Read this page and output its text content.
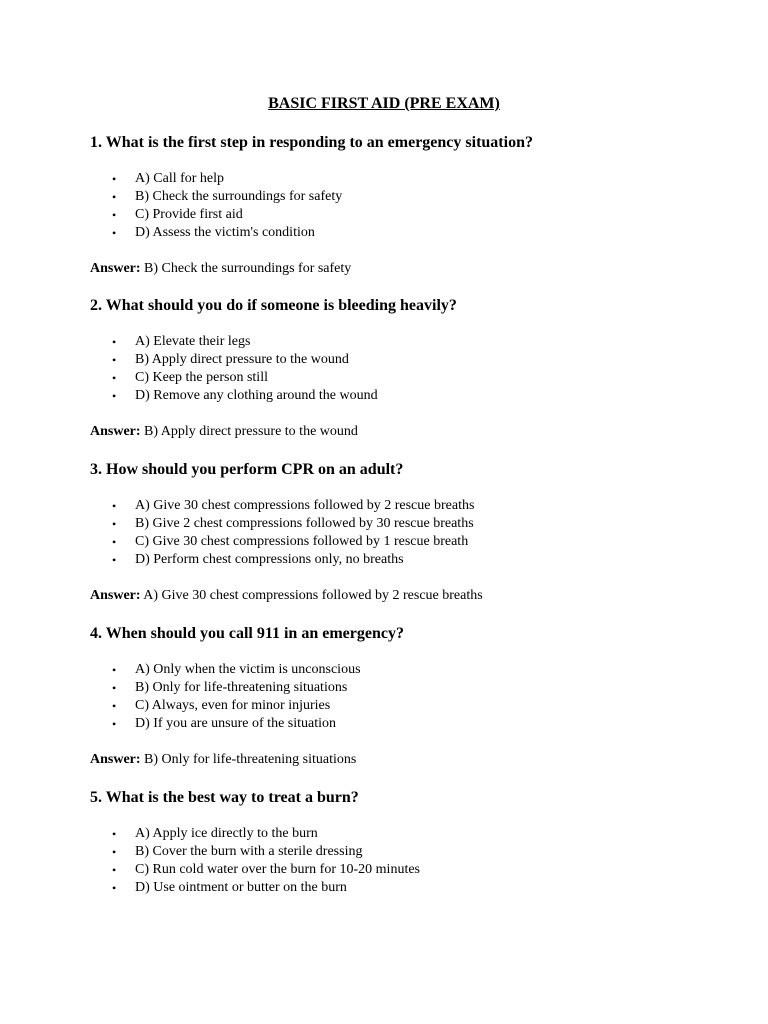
BASIC FIRST AID (PRE EXAM)

1. What is the first step in responding to an emergency situation?

• A) Call for help
• B) Check the surroundings for safety
• C) Provide first aid
• D) Assess the victim's condition

Answer: B) Check the surroundings for safety

2. What should you do if someone is bleeding heavily?

• A) Elevate their legs
• B) Apply direct pressure to the wound
• C) Keep the person still
• D) Remove any clothing around the wound

Answer: B) Apply direct pressure to the wound

3. How should you perform CPR on an adult?

• A) Give 30 chest compressions followed by 2 rescue breaths
• B) Give 2 chest compressions followed by 30 rescue breaths
• C) Give 30 chest compressions followed by 1 rescue breath
• D) Perform chest compressions only, no breaths

Answer: A) Give 30 chest compressions followed by 2 rescue breaths

4. When should you call 911 in an emergency?

• A) Only when the victim is unconscious
• B) Only for life-threatening situations
• C) Always, even for minor injuries
• D) If you are unsure of the situation

Answer: B) Only for life-threatening situations

5. What is the best way to treat a burn?

• A) Apply ice directly to the burn
• B) Cover the burn with a sterile dressing
• C) Run cold water over the burn for 10-20 minutes
• D) Use ointment or butter on the burn
